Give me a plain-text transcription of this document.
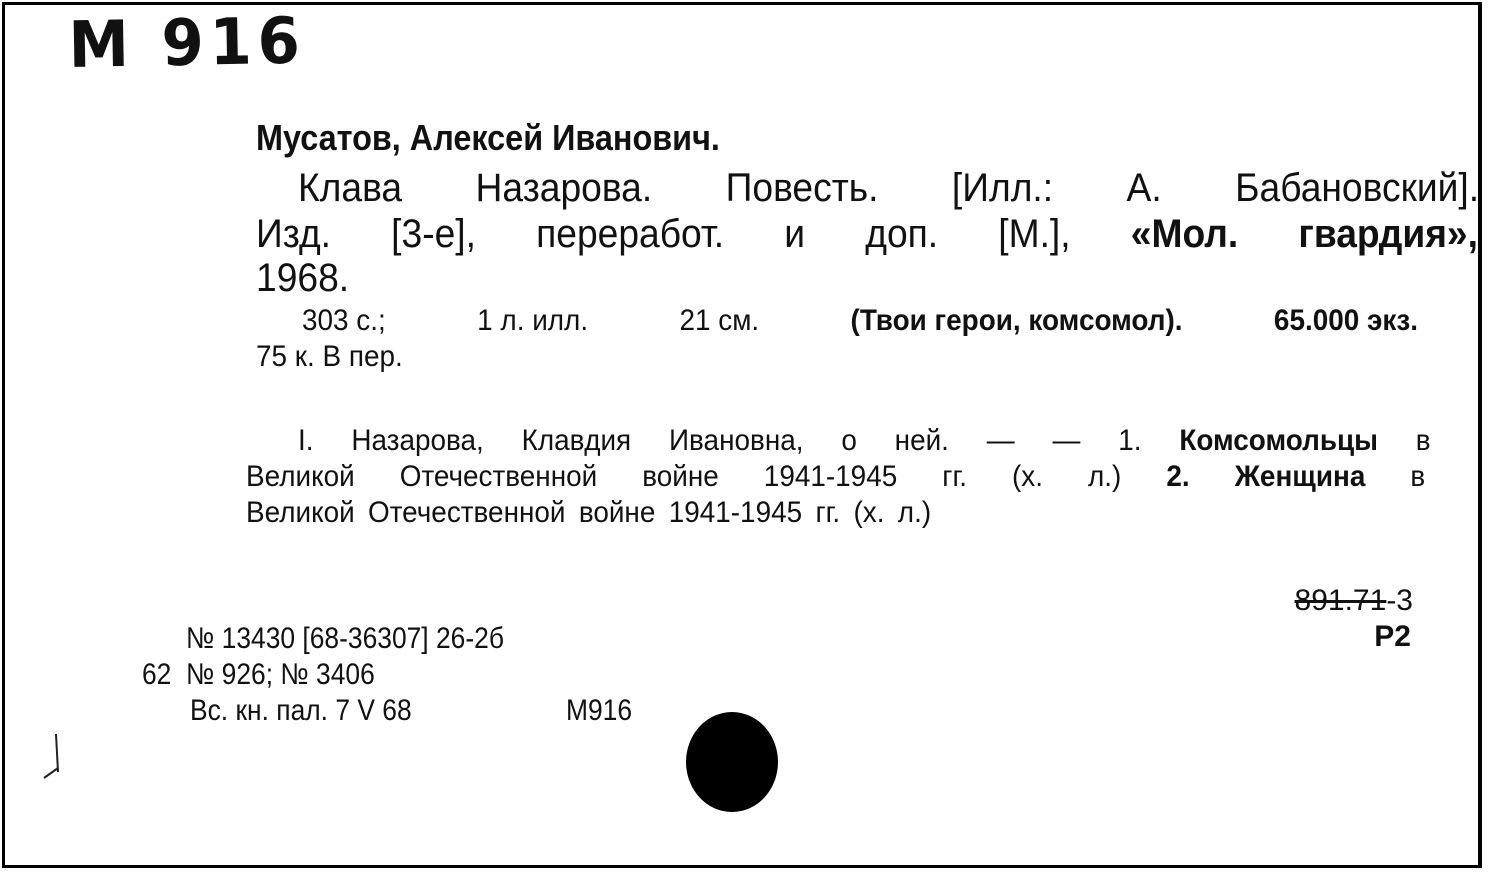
M 916
Мусатов, Алексей Иванович.
Клава Назарова. Повесть. [Илл.: А. Бабановский].
Изд. [3-е], переработ. и доп. [М.], «Мол. гвардия»,
1968.
303 с.;	1 л. илл.	21 см.	(Твои герои, комсомол).	65.000 экз.
75 к. В пер.
I. Назарова, Клавдия Ивановна, о ней. — — 1. Комсомольцы в
Великой Отечественной войне 1941-1945 гг. (х. л.) 2. Женщина в
Великой Отечественной войне 1941-1945 гг. (х. л.)
891.71-3
Р2
№ 13430 [68-36307] 26-2б
62 № 926; № 3406
Вс. кн. пал. 7 V 68	M916
